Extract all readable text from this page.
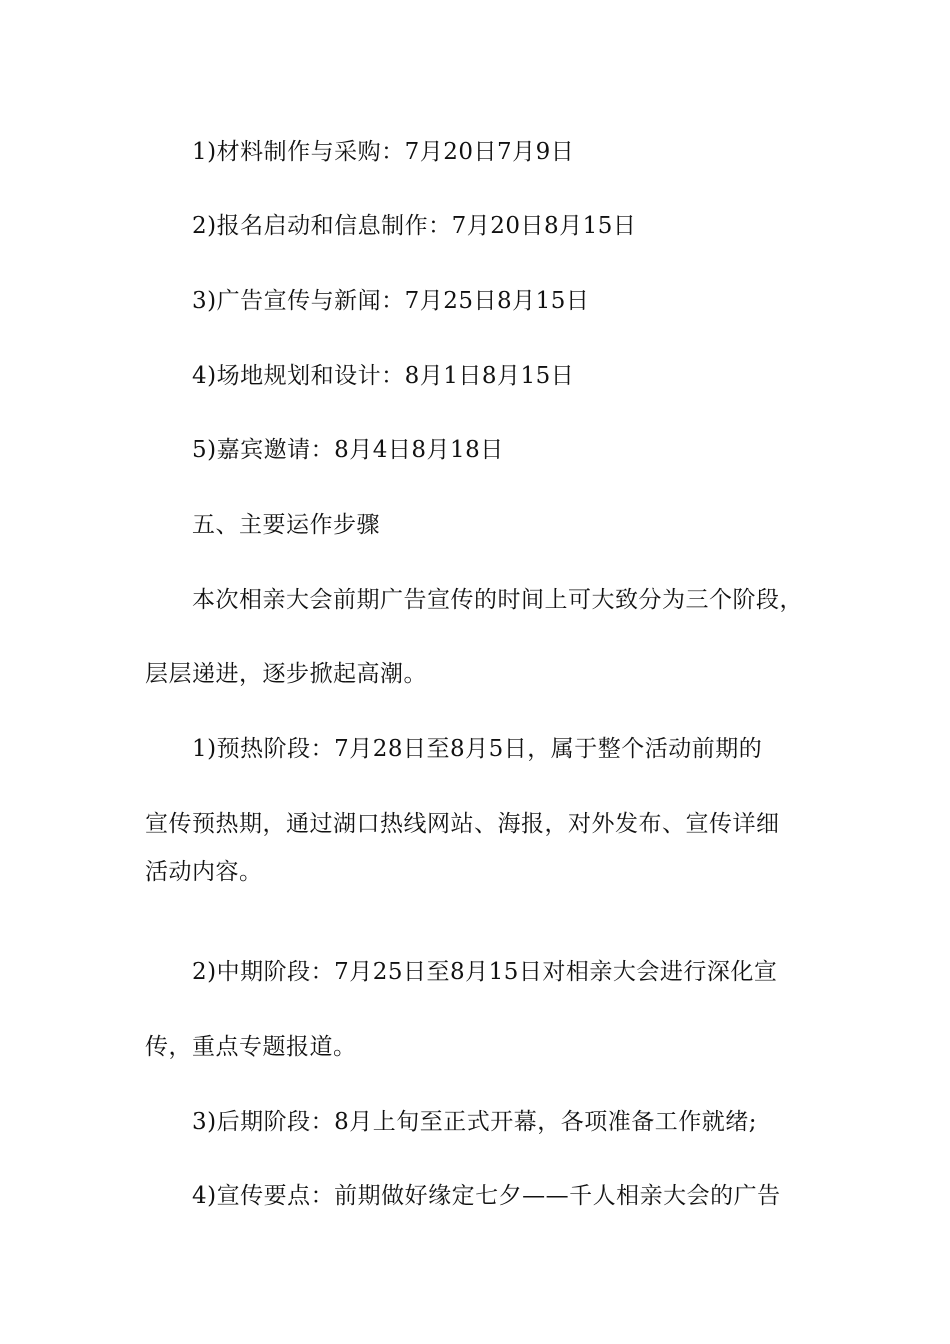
1)材料制作与采购：7月20日7月9日
2)报名启动和信息制作：7月20日8月15日
3)广告宣传与新闻：7月25日8月15日
4)场地规划和设计：8月1日8月15日
5)嘉宾邀请：8月4日8月18日
五、主要运作步骤
本次相亲大会前期广告宣传的时间上可大致分为三个阶段，
层层递进，逐步掀起高潮。
1)预热阶段：7月28日至8月5日，属于整个活动前期的
宣传预热期，通过湖口热线网站、海报，对外发布、宣传详细
活动内容。
2)中期阶段：7月25日至8月15日对相亲大会进行深化宣
传，重点专题报道。
3)后期阶段：8月上旬至正式开幕，各项准备工作就绪;
4)宣传要点：前期做好缘定七夕——千人相亲大会的广告
